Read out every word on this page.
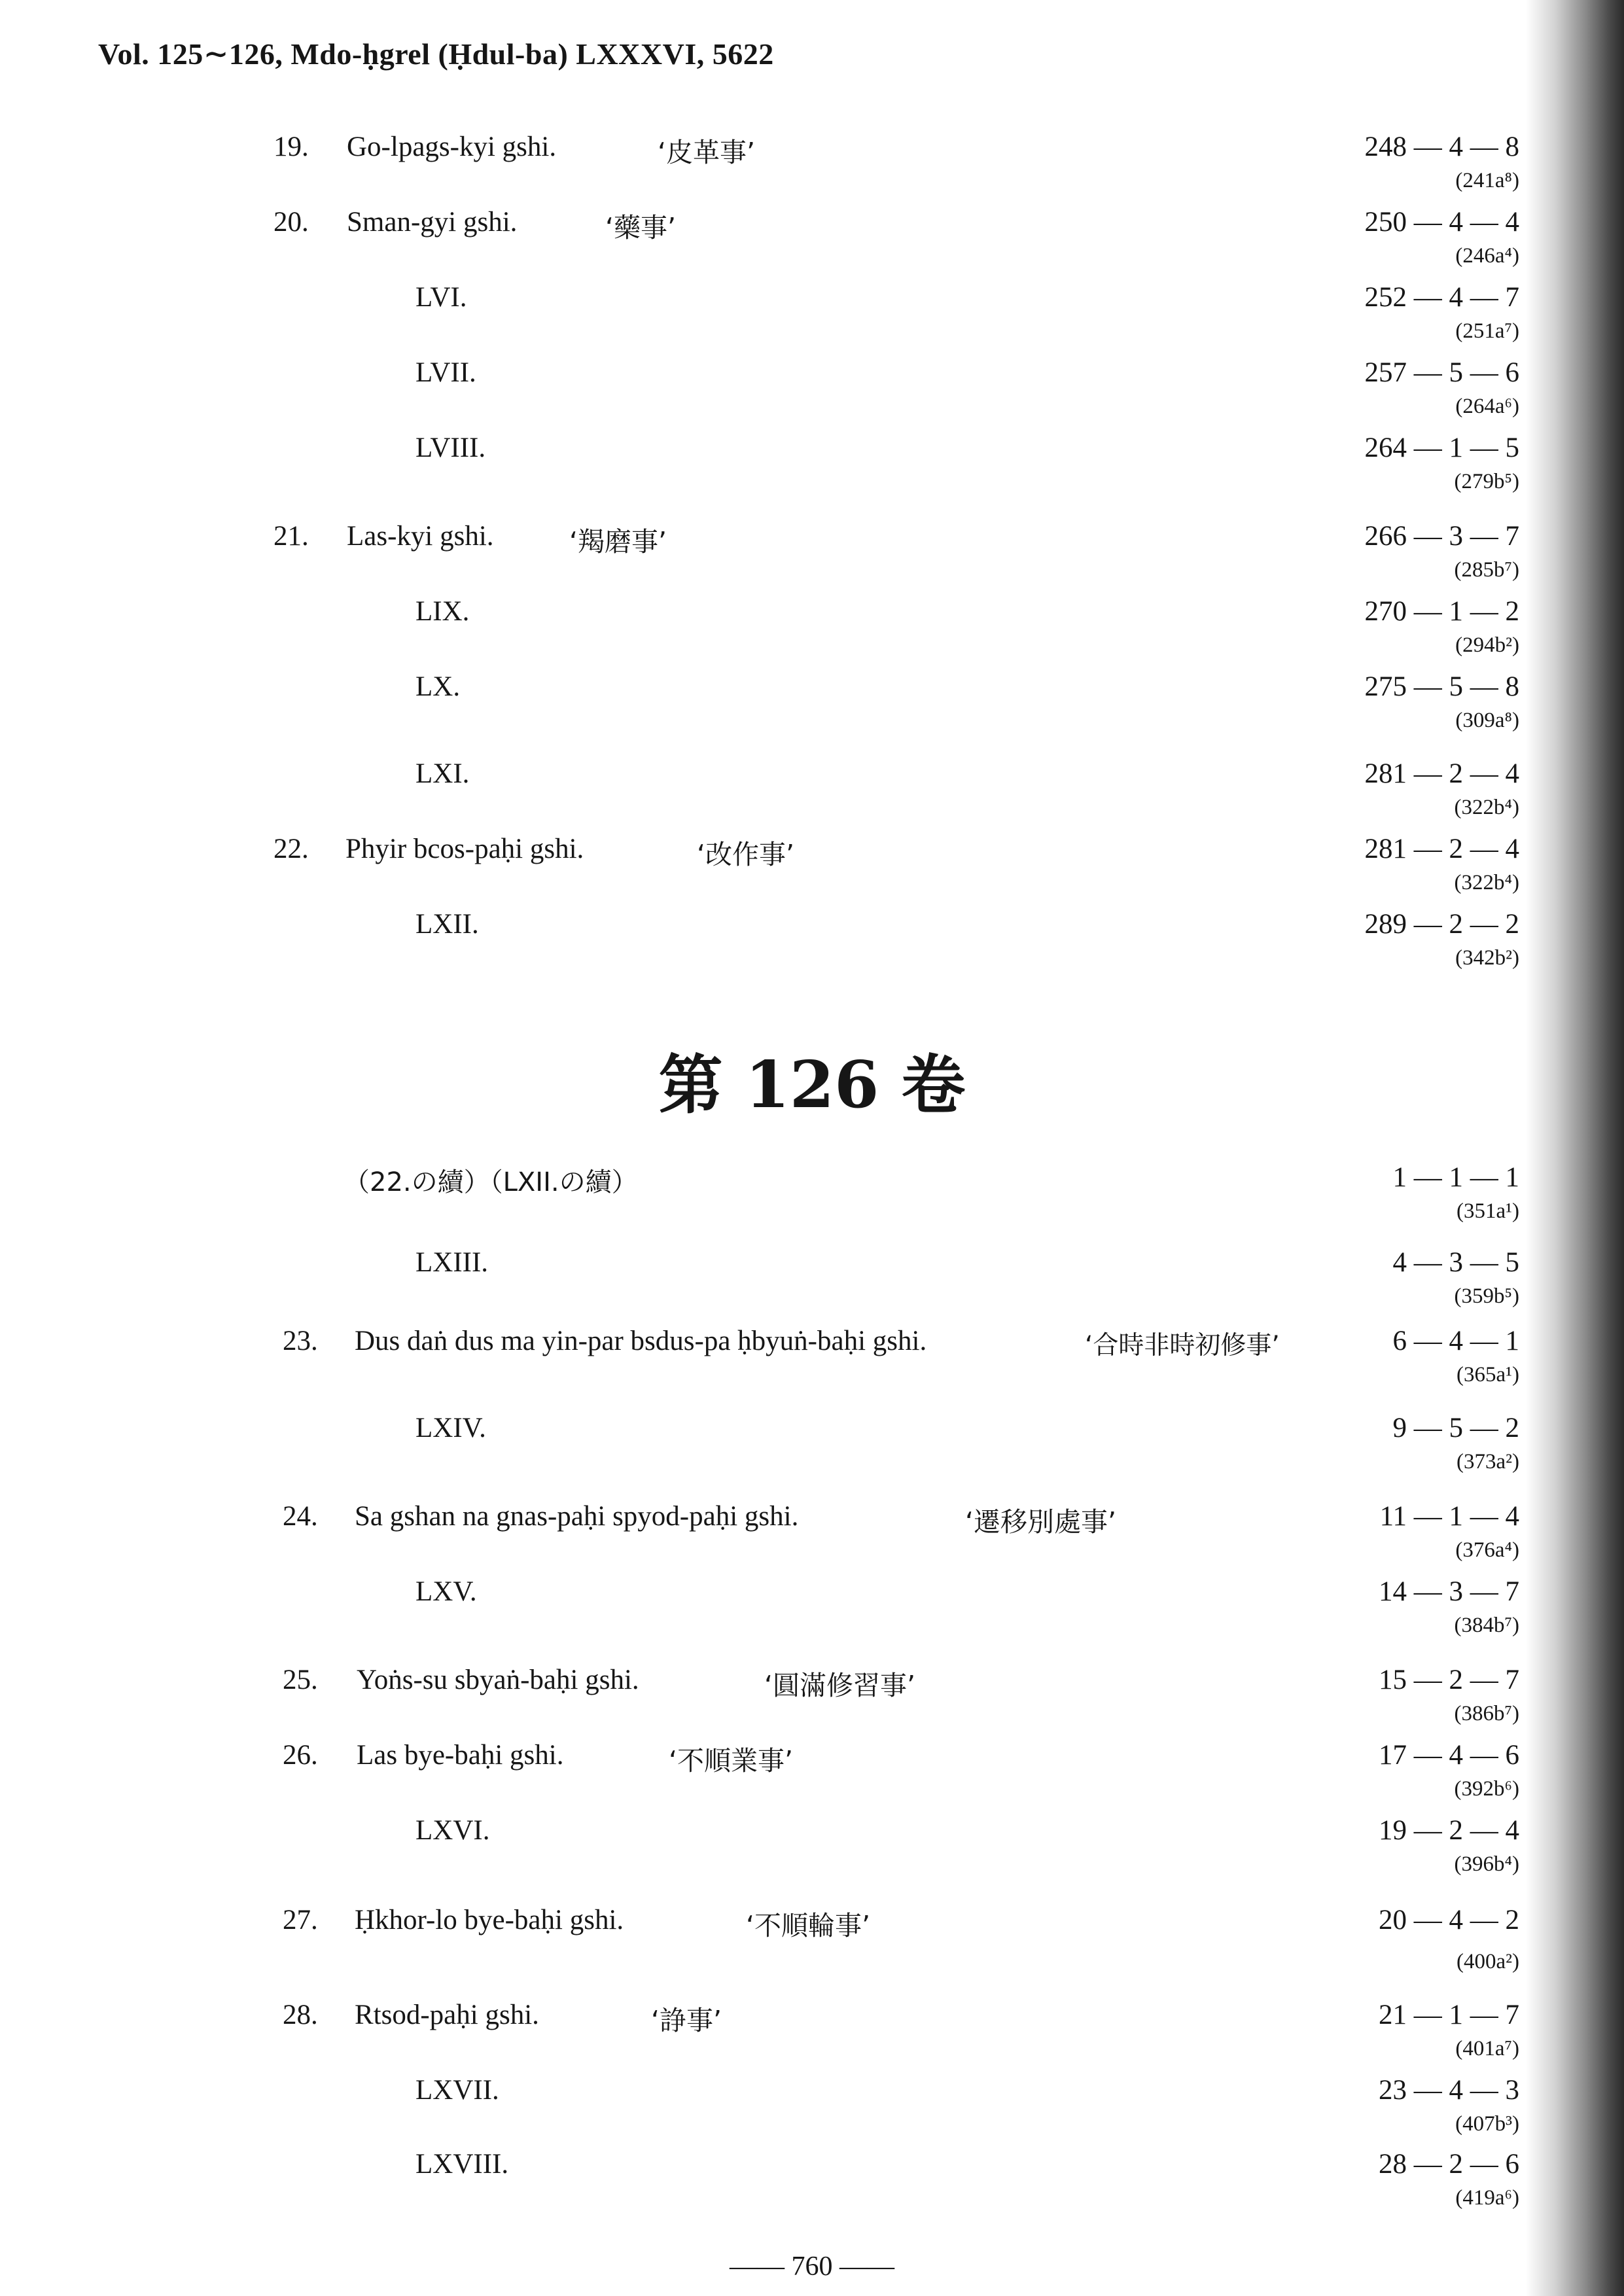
Vol. 125∼126, Mdo-ḥgrel (Ḥdul-ba) LXXXVI, 5622
19. Go-lpags-kyi gshi.	‘皮革事’	248 — 4 — 8
(241a⁸)
20. Sman-gyi gshi.	‘藥事’	250 — 4 — 4
(246a⁴)
LVI.	252 — 4 — 7
(251a⁷)
LVII.	257 — 5 — 6
(264a⁶)
LVIII.	264 — 1 — 5
(279b⁵)
21. Las-kyi gshi.	‘羯磨事’	266 — 3 — 7
(285b⁷)
LIX.	270 — 1 — 2
(294b²)
LX.	275 — 5 — 8
(309a⁸)
LXI.	281 — 2 — 4
(322b⁴)
22. Phyir bcos-paḥi gshi.	‘改作事’	281 — 2 — 4
(322b⁴)
LXII.	289 — 2 — 2
(342b²)
第 126 卷
（22.の續）（LXII.の續）	1 — 1 — 1
(351a¹)
LXIII.	4 — 3 — 5
(359b⁵)
23. Dus daṅ dus ma yin-par bsdus-pa ḥbyuṅ-baḥi gshi.	‘合時非時初修事’	6 — 4 — 1
(365a¹)
LXIV.	9 — 5 — 2
(373a²)
24. Sa gshan na gnas-paḥi spyod-paḥi gshi.	‘遷移別處事’	11 — 1 — 4
(376a⁴)
LXV.	14 — 3 — 7
(384b⁷)
25. Yoṅs-su sbyaṅ-baḥi gshi.	‘圓滿修習事’	15 — 2 — 7
(386b⁷)
26. Las bye-baḥi gshi.	‘不順業事’	17 — 4 — 6
(392b⁶)
LXVI.	19 — 2 — 4
(396b⁴)
27. Ḥkhor-lo bye-baḥi gshi.	‘不順輪事’	20 — 4 — 2
(400a²)
28. Rtsod-paḥi gshi.	‘諍事’	21 — 1 — 7
(401a⁷)
LXVII.	23 — 4 — 3
(407b³)
LXVIII.	28 — 2 — 6
(419a⁶)
—— 760 ——
